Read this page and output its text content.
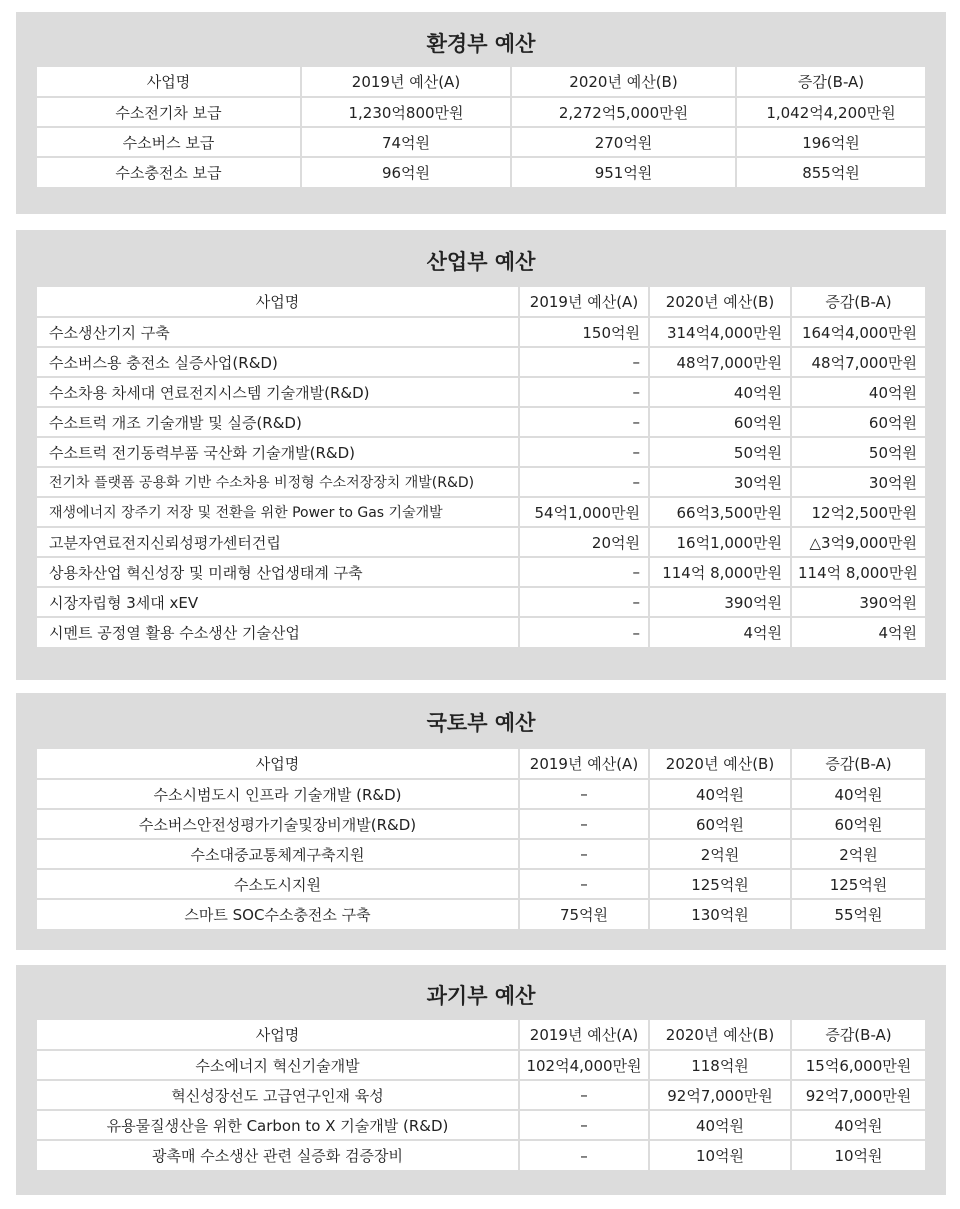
환경부 예산
사업명	2019년 예산(A)	2020년 예산(B)	증감(B-A)
수소전기차 보급	1,230억800만원	2,272억5,000만원	1,042억4,200만원
수소버스 보급	74억원	270억원	196억원
수소충전소 보급	96억원	951억원	855억원
산업부 예산
사업명	2019년 예산(A)	2020년 예산(B)	증감(B-A)
수소생산기지 구축	150억원	314억4,000만원	164억4,000만원
수소버스용 충전소 실증사업(R&D)	–	48억7,000만원	48억7,000만원
수소차용 차세대 연료전지시스템 기술개발(R&D)	–	40억원	40억원
수소트럭 개조 기술개발 및 실증(R&D)	–	60억원	60억원
수소트럭 전기동력부품 국산화 기술개발(R&D)	–	50억원	50억원
전기차 플랫폼 공용화 기반 수소차용 비정형 수소저장장치 개발(R&D)	–	30억원	30억원
재생에너지 장주기 저장 및 전환을 위한 Power to Gas 기술개발	54억1,000만원	66억3,500만원	12억2,500만원
고분자연료전지신뢰성평가센터건립	20억원	16억1,000만원	△3억9,000만원
상용차산업 혁신성장 및 미래형 산업생태계 구축	–	114억 8,000만원	114억 8,000만원
시장자립형 3세대 xEV	–	390억원	390억원
시멘트 공정열 활용 수소생산 기술산업	–	4억원	4억원
국토부 예산
사업명	2019년 예산(A)	2020년 예산(B)	증감(B-A)
수소시범도시 인프라 기술개발 (R&D)	–	40억원	40억원
수소버스안전성평가기술및장비개발(R&D)	–	60억원	60억원
수소대중교통체계구축지원	–	2억원	2억원
수소도시지원	–	125억원	125억원
스마트 SOC수소충전소 구축	75억원	130억원	55억원
과기부 예산
사업명	2019년 예산(A)	2020년 예산(B)	증감(B-A)
수소에너지 혁신기술개발	102억4,000만원	118억원	15억6,000만원
혁신성장선도 고급연구인재 육성	–	92억7,000만원	92억7,000만원
유용물질생산을 위한 Carbon to X 기술개발 (R&D)	–	40억원	40억원
광촉매 수소생산 관련 실증화 검증장비	–	10억원	10억원
